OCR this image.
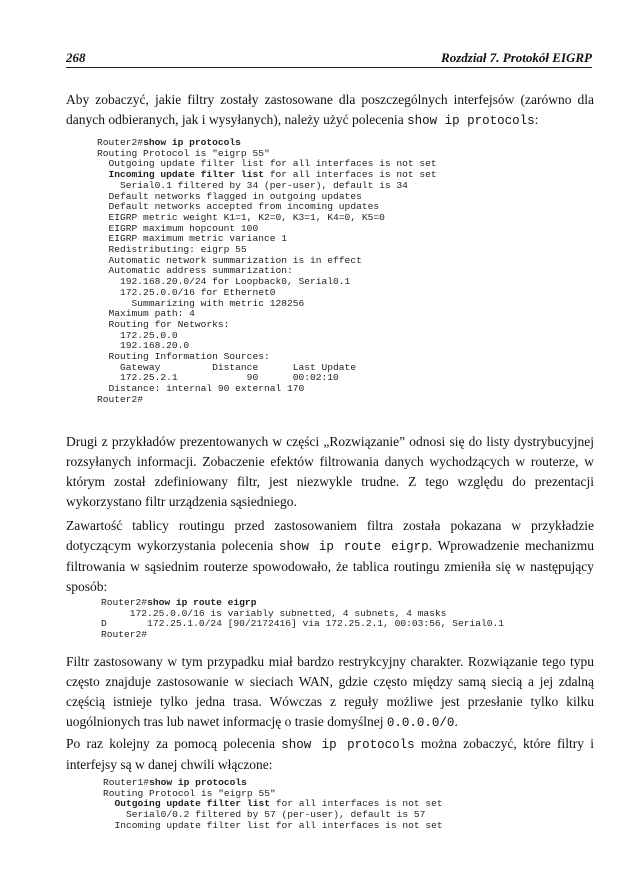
268	Rozdział 7. Protokół EIGRP

Aby zobaczyć, jakie filtry zostały zastosowane dla poszczególnych interfejsów (zarówno dla danych odbieranych, jak i wysyłanych), należy użyć polecenia show ip protocols:

Router2#show ip protocols
Routing Protocol is "eigrp 55"
Outgoing update filter list for all interfaces is not set
Incoming update filter list for all interfaces is not set
Serial0.1 filtered by 34 (per-user), default is 34
Default networks flagged in outgoing updates
Default networks accepted from incoming updates
EIGRP metric weight K1=1, K2=0, K3=1, K4=0, K5=0
EIGRP maximum hopcount 100
EIGRP maximum metric variance 1
Redistributing: eigrp 55
Automatic network summarization is in effect
Automatic address summarization:
192.168.20.0/24 for Loopback0, Serial0.1
172.25.0.0/16 for Ethernet0
Summarizing with metric 128256
Maximum path: 4
Routing for Networks:
172.25.0.0
192.168.20.0
Routing Information Sources:
Gateway         Distance      Last Update
172.25.2.1            90      00:02:10
Distance: internal 90 external 170
Router2#

Drugi z przykładów prezentowanych w części „Rozwiązanie” odnosi się do listy dystrybucyjnej rozsyłanych informacji. Zobaczenie efektów filtrowania danych wychodzących w routerze, w którym został zdefiniowany filtr, jest niezwykle trudne. Z tego względu do prezentacji wykorzystano filtr urządzenia sąsiedniego.

Zawartość tablicy routingu przed zastosowaniem filtra została pokazana w przykładzie dotyczącym wykorzystania polecenia show ip route eigrp. Wprowadzenie mechanizmu filtrowania w sąsiednim routerze spowodowało, że tablica routingu zmieniła się w następujący sposób:

Router2#show ip route eigrp
172.25.0.0/16 is variably subnetted, 4 subnets, 4 masks
D       172.25.1.0/24 [90/2172416] via 172.25.2.1, 00:03:56, Serial0.1
Router2#

Filtr zastosowany w tym przypadku miał bardzo restrykcyjny charakter. Rozwiązanie tego typu często znajduje zastosowanie w sieciach WAN, gdzie często między samą siecią a jej zdalną częścią istnieje tylko jedna trasa. Wówczas z reguły możliwe jest przesłanie tylko kilku uogólnionych tras lub nawet informację o trasie domyślnej 0.0.0.0/0.

Po raz kolejny za pomocą polecenia show ip protocols można zobaczyć, które filtry i interfejsy są w danej chwili włączone:

Router1#show ip protocols
Routing Protocol is "eigrp 55"
Outgoing update filter list for all interfaces is not set
Serial0/0.2 filtered by 57 (per-user), default is 57
Incoming update filter list for all interfaces is not set
